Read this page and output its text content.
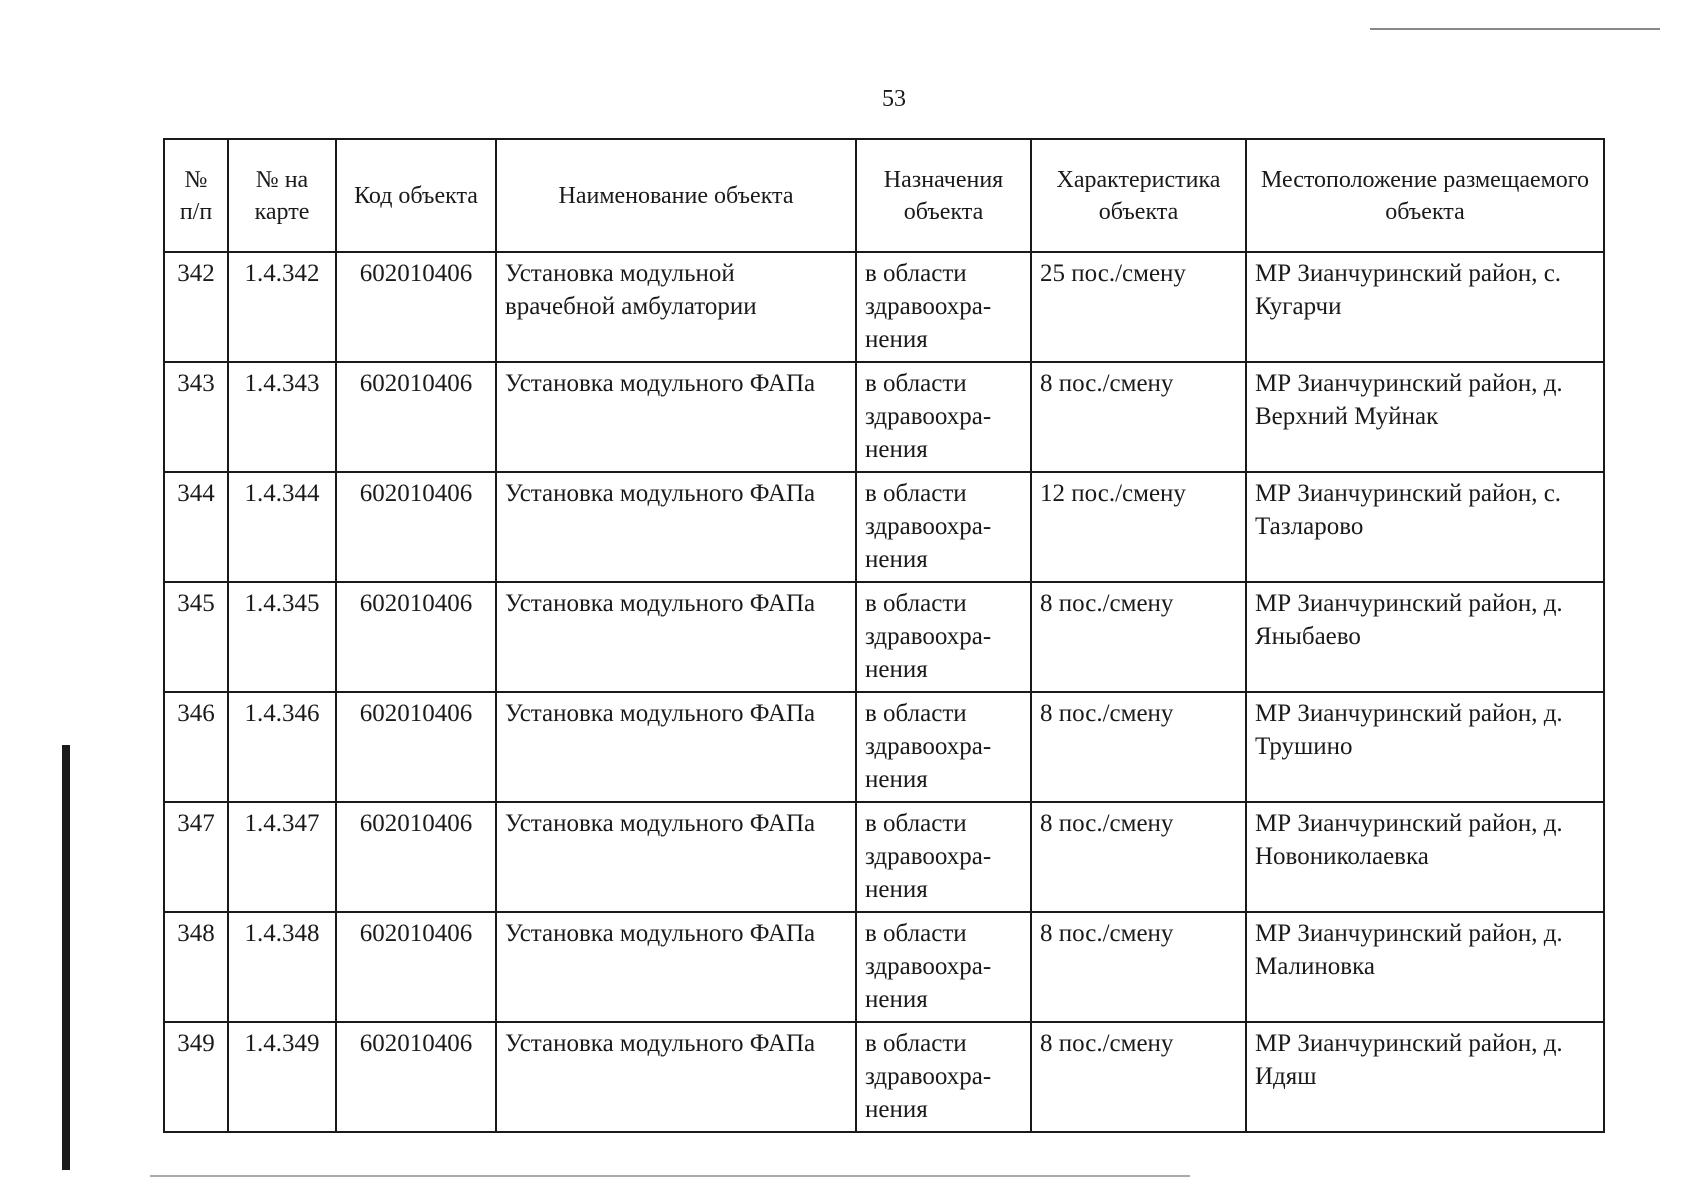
53
№ п/п	№ на карте	Код объекта	Наименование объекта	Назначения объекта	Характеристика объекта	Местоположение размещаемого объекта
342	1.4.342	602010406	Установка модульной врачебной амбулатории	в области здравоохра-нения	25 пос./смену	МР Зианчуринский район, с. Кугарчи
343	1.4.343	602010406	Установка модульного ФАПа	в области здравоохра-нения	8 пос./смену	МР Зианчуринский район, д. Верхний Муйнак
344	1.4.344	602010406	Установка модульного ФАПа	в области здравоохра-нения	12 пос./смену	МР Зианчуринский район, с. Тазларово
345	1.4.345	602010406	Установка модульного ФАПа	в области здравоохра-нения	8 пос./смену	МР Зианчуринский район, д. Яныбаево
346	1.4.346	602010406	Установка модульного ФАПа	в области здравоохра-нения	8 пос./смену	МР Зианчуринский район, д. Трушино
347	1.4.347	602010406	Установка модульного ФАПа	в области здравоохра-нения	8 пос./смену	МР Зианчуринский район, д. Новониколаевка
348	1.4.348	602010406	Установка модульного ФАПа	в области здравоохра-нения	8 пос./смену	МР Зианчуринский район, д. Малиновка
349	1.4.349	602010406	Установка модульного ФАПа	в области здравоохра-нения	8 пос./смену	МР Зианчуринский район, д. Идяш
